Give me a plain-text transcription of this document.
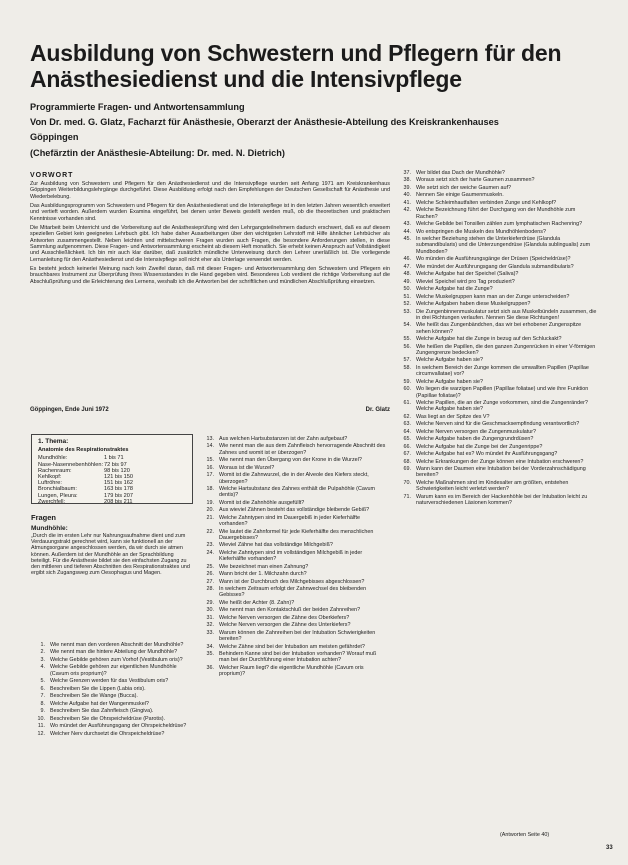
Ausbildung von Schwestern und Pflegern für den
Anästhesiedienst und die Intensivpflege
Programmierte Fragen- und Antwortensammlung
Von Dr. med. G. Glatz, Facharzt für Anästhesie, Oberarzt der Anästhesie-Abteilung des Kreiskrankenhauses
Göppingen
(Chefärztin der Anästhesie-Abteilung: Dr. med. N. Dietrich)
VORWORT

Zur Ausbildung von Schwestern und Pflegern für den Anästhesiedienst und die Intensivpflege wurden seit Anfang 1971 am Kreiskrankenhaus Göppingen Weiterbildungslehrgänge durchgeführt. Diese Ausbildung erfolgt nach den Empfehlungen der Deutschen Gesellschaft für Anästhesie und Wiederbelebung.

Das Ausbildungsprogramm von Schwestern und Pflegern für den Anästhesiedienst und die Intensivpflege ist in den letzten Jahren wesentlich erweitert und vertieft worden. Außerdem wurden Examina eingeführt, bei denen unter Beweis gestellt werden muß, ob die theoretischen und praktischen Kenntnisse vorhanden sind.

Die Mitarbeit beim Unterricht und die Vorbereitung auf die Anästhesieprüfung wird den Lehrgangsteilnehmern dadurch erschwert, daß es auf diesem speziellen Gebiet kein geeignetes Lehrbuch gibt. Ich habe daher Ausarbeitungen über den wichtigsten Lehrstoff mit Hilfe ähnlicher Lehrbücher als Antworten zusammengestellt. Neben leichten und mittelschweren Fragen wurden auch Fragen, die besondere Anforderungen stellen, in diese Sammlung aufgenommen. Diese Fragen- und Antwortensammlung erscheint ab diesem Heft monatlich. Sie erhebt keinen Anspruch auf Vollständigkeit und Ausschließlichkeit. Ich bin mir auch klar darüber, daß zusätzlich mündliche Unterweisung durch den Lehrer unerläßlich ist. Die vorliegende Lernanleitung für den Anästhesiedienst und die Intensivpflege soll nicht eher als Unterlage verwendet werden.

Es besteht jedoch keinerlei Meinung nach kein Zweifel daran, daß mit dieser Fragen- und Antwortensammlung den Schwestern und Pflegern ein brauchbares Instrument zur Überprüfung ihres Wissensstandes in die Hand gegeben wird. Besonderes Lob verdient die richtige Vorbereitung auf die Abschlußprüfung und die Erleichterung des Lernens, weshalb ich die Antworten bei der schriftlichen und mündlichen Abschlußprüfung einsetzen.

Göppingen, Ende Juni 1972	Dr. Glatz
1. Thema:
Anatomie des Respirationstraktes
Mundhöhle:	1 bis 71
Nase-Nasennebenhöhlen: 72 bis 97
Rachenraum:	98 bis 120
Kehlkopf:	121 bis 150
Luftröhre:	151 bis 162
Bronchialbaum:	163 bis 178
Lungen, Pleura:	179 bis 207
Zwerchfell:	208 bis 211
Fragen
Mundhöhle:

„Durch die im ersten Lehr nur Nahrungsaufnahme dient und zum Verdauungstrakt gerechnet wird, kann sie funktionell an der Atmungsorgane angeschlossen werden, da wir durch sie atmen können. Außerdem ist der Mundhöhle an der Sprachbildung beteiligt. Für die Anästhesie bildet sie den einfachsten Zugang zu den mittleren und tieferen Abschnitten des Respirationstraktes und ergibt sich Zugangsweg zum Oesophagus und Magen.

1. Wie nennt man den vorderen Abschnitt der Mundhöhle?
2. Wie nennt man die hintere Abteilung der Mundhöhle?
3. Welche Gebilde gehören zum Vorhof (Vestibulum oris)?
4. Welche Gebilde gehören zur eigentlichen Mundhöhle (Cavum oris proprium)?
5. Welche Grenzen werden für das Vestibulum oris?
6. Beschreiben Sie die Lippen (Labia oris).
7. Beschreiben Sie die Wange (Bucca).
8. Welche Aufgabe hat der Wangenmuskel?
9. Beschreiben Sie das Zahnfleisch (Gingiva).
10. Beschreiben Sie die Ohrspeicheldrüse (Parotis).
11. Wo mündet der Ausführungsgang der Ohrspeicheldrüse?
12. Welcher Nerv durchsetzt die Ohrspeicheldrüse?
13. Aus welchen Hartsubstanzen ist der Zahn aufgebaut?
14. Wie nennt man die aus dem Zahnfleisch hervorragende Abschnitt des Zahnes und womit ist er überzogen?
15. Wie nennt man den Übergang von der Krone in die Wurzel?
16. Woraus ist die Wurzel?
17. Womit ist die Zahnwurzel, die in der Alveole des Kiefers steckt, überzogen?
18. Welche Hartsubstanz des Zahnes enthält die Pulpahöhle (Cavum dentis)?
19. Womit ist die Zahnhöhle ausgefüllt?
20. Aus wieviel Zähnen besteht das vollständige bleibende Gebiß?
21. Welche Zahntypen sind im Dauergebiß in jeder Kieferhälfte vorhanden?
22. Wie lautet die Zahnformel für jede Kieferhälfte des menschlichen Dauergebisses?
23. Wieviel Zähne hat das vollständige Milchgebiß?
24. Welche Zahntypen sind im vollständigen Milchgebiß in jeder Kieferhälfte vorhanden?
25. Wie bezeichnet man einen Zahnung?
26. Wann bricht der 1. Milchzahn durch?
27. Wann ist der Durchbruch des Milchgebisses abgeschlossen?
28. In welchem Zeitraum erfolgt der Zahnwechsel des bleibenden Gebisses?
29. Wie heißt der Achter (8. Zahn)?
30. Wie nennt man den Kontaktschluß der beiden Zahnreihen?
31. Welche Nerven versorgen die Zähne des Oberkiefers?
32. Welche Nerven versorgen die Zähne des Unterkiefers?
33. Warum können die Zahnreihen bei der Intubation Schwierigkeiten bereiten?
34. Welche Zähne sind bei der Intubation am meisten gefährdet?
35. Behindern Kanne sind bei der Intubation vorhanden? Worauf muß man bei der Durchführung einer Intubation achten?
36. Welcher Raum liegt? die eigentliche Mundhöhle (Cavum oris proprium)?
37. Wer bildet das Dach der Mundhöhle?
38. Woraus setzt sich der harte Gaumen zusammen?
39. Wie setzt sich der weiche Gaumen auf?
40. Nennen Sie einige Gaumenmuskeln.
41. Welche Schleimhautfalten verbinden Zunge und Kehlkopf?
42. Welche Bezeichnung führt der Durchgang von der Mundhöhle zum Rachen?
43. Welche Gebilde bei Tonsillen zählen zum lymphatischen Rachenring?
44. Wo entspringen die Muskeln des Mundhöhlenbodens?
45. In welcher Beziehung stehen die Unterkieferdrüse (Glandula submandibularis) und die Unterzungendrüse (Glandula sublingualis) zum Mundboden?
46. Wo münden die Ausführungsgänge der Drüsen (Speicheldrüse)?
47. Wie mündet der Ausführungsgang der Glandula submandibularis?
48. Welche Aufgabe hat der Speichel (Saliva)?
49. Wieviel Speichel wird pro Tag produziert?
50. Welche Aufgabe hat die Zunge?
51. Welche Muskelgruppen kann man an der Zunge unterscheiden?
52. Welche Aufgaben haben diese Muskelgruppen?
53. Die Zungenbinnenmuskulatur setzt sich aus Muskelbündeln zusammen, die in drei Richtungen verlaufen. Nennen Sie diese Richtungen!
54. Wie heißt das Zungenbändchen, das wir bei erhobener Zungenspitze sehen können?
55. Welche Aufgabe hat die Zunge in bezug auf den Schluckakt?
56. Wie heißen die Papillen, die den ganzen Zungenrücken in einer V-förmigen Zungengrenze bedecken?
57. Welche Aufgabe haben sie?
58. In welchem Bereich der Zunge kommen die umwallten Papillen (Papillae circumvallatae) vor?
59. Welche Aufgabe haben sie?
60. Wo liegen die warzigen Papillen (Papillae foliatae) und wie ihre Funktion (Papillae foliatae)?
61. Welche Papillen, die an der Zunge vorkommen, sind die Zungenränder? Welche Aufgabe haben sie?
62. Was liegt an der Spitze des V?
63. Welche Nerven sind für die Geschmacksempfindung verantwortlich?
64. Welche Nerven versorgen die Zungenmuskulatur?
65. Welche Aufgabe haben die Zungengrundrdüsen?
66. Welche Aufgabe hat die Zunge bei der Zungenrippe?
67. Welche Aufgabe hat es? Wo mündet ihr Ausführungsgang?
68. Welche Erkrankungen der Zunge können eine Intubation erschweren?
69. Wann kann der Daumen eine Intubation bei der Vorderzahnschädigung bereiten?
70. Welche Maßnahmen sind im Kindesalter am größten, entstehen Schwierigkeiten leicht verletzt werden?
71. Warum kann es im Bereich der Hackenhöhle bei der Intubation leicht zu naturverschiedenen Läsionen kommen?
(Antworten Seite 40)
33
